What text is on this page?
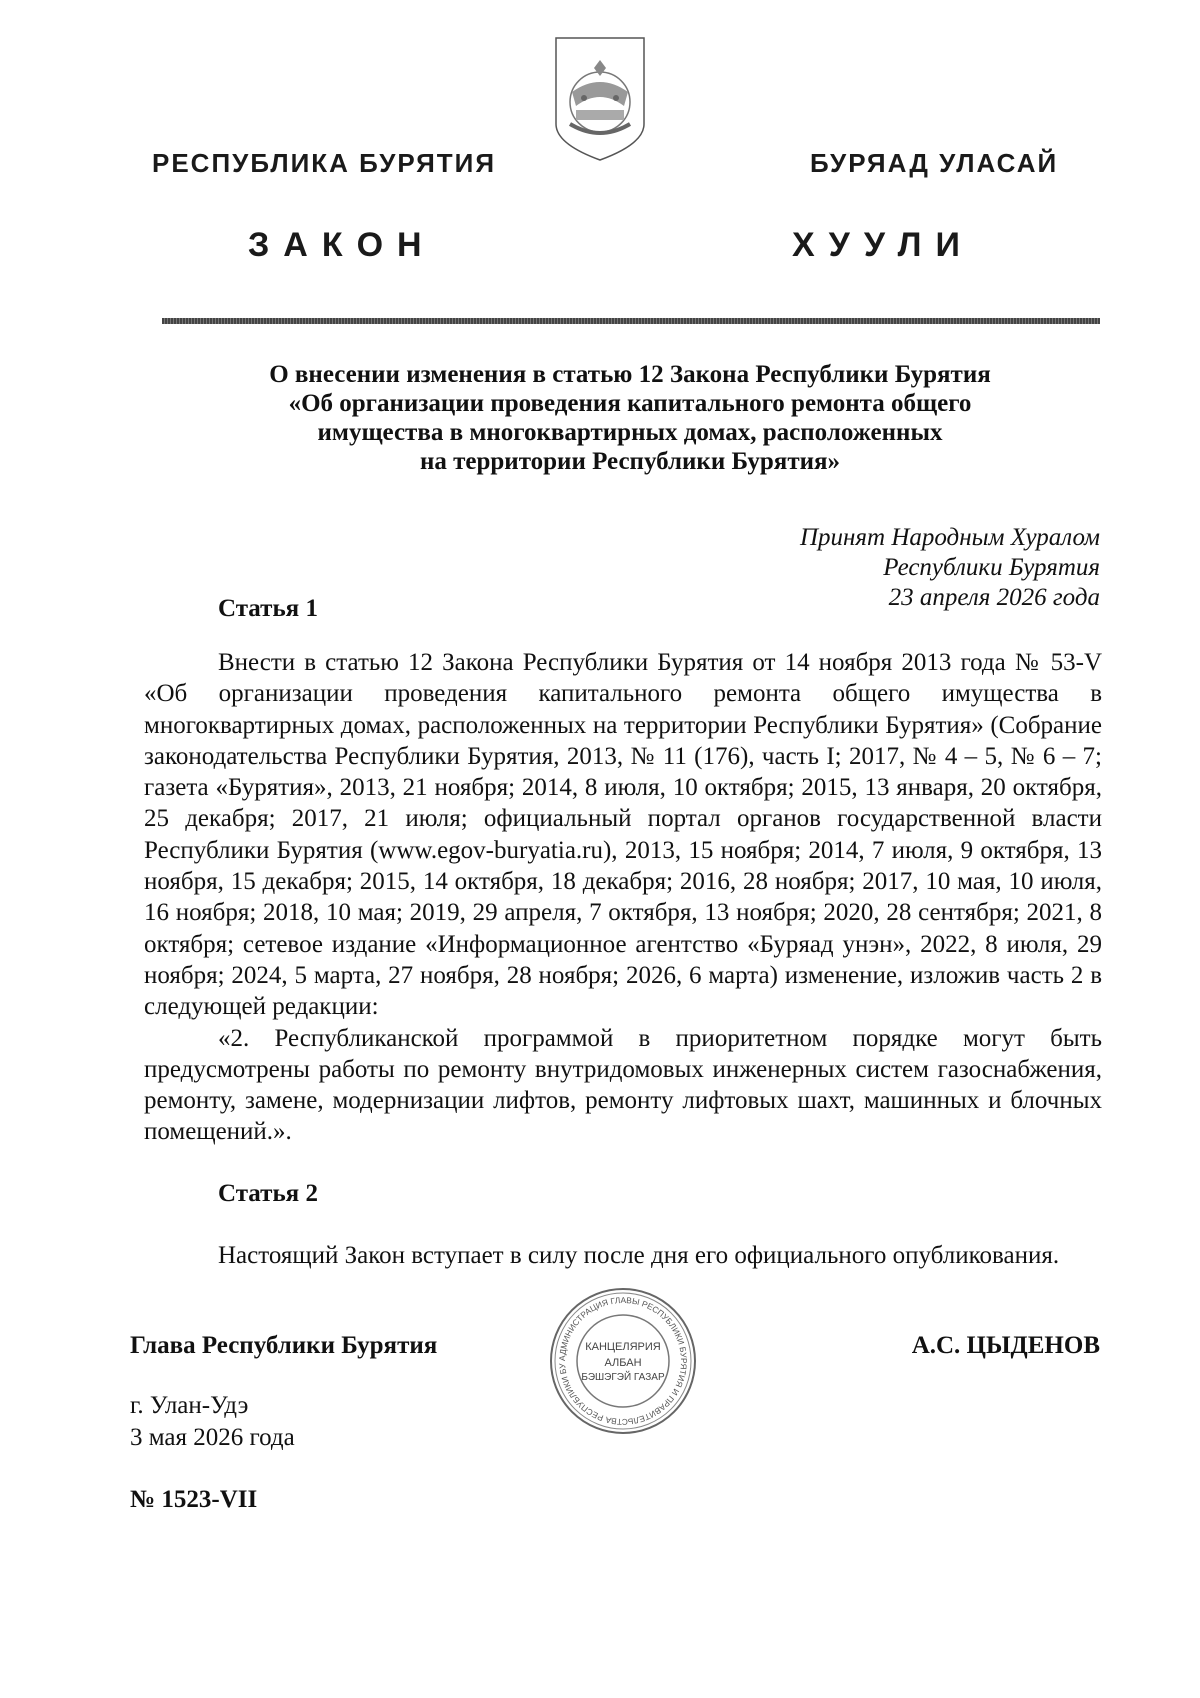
РЕСПУБЛИКА БУРЯТИЯ	БУРЯАД УЛАСАЙ
ЗАКОН	ХУУЛИ
О внесении изменения в статью 12 Закона Республики Бурятия
«Об организации проведения капитального ремонта общего
имущества в многоквартирных домах, расположенных
на территории Республики Бурятия»
Принят Народным Хуралом
Республики Бурятия
23 апреля 2026 года
Статья 1

Внести в статью 12 Закона Республики Бурятия от 14 ноября 2013 года № 53-V «Об организации проведения капитального ремонта общего имущества в многоквартирных домах, расположенных на территории Республики Бурятия» (Собрание законодательства Республики Бурятия, 2013, № 11 (176), часть I; 2017, № 4 – 5, № 6 – 7; газета «Бурятия», 2013, 21 ноября; 2014, 8 июля, 10 октября; 2015, 13 января, 20 октября, 25 декабря; 2017, 21 июля; официальный портал органов государственной власти Республики Бурятия (www.egov-buryatia.ru), 2013, 15 ноября; 2014, 7 июля, 9 октября, 13 ноября, 15 декабря; 2015, 14 октября, 18 декабря; 2016, 28 ноября; 2017, 10 мая, 10 июля, 16 ноября; 2018, 10 мая; 2019, 29 апреля, 7 октября, 13 ноября; 2020, 28 сентября; 2021, 8 октября; сетевое издание «Информационное агентство «Буряад унэн», 2022, 8 июля, 29 ноября; 2024, 5 марта, 27 ноября, 28 ноября; 2026, 6 марта) изменение, изложив часть 2 в следующей редакции:

«2. Республиканской программой в приоритетном порядке могут быть предусмотрены работы по ремонту внутридомовых инженерных систем газоснабжения, ремонту, замене, модернизации лифтов, ремонту лифтовых шахт, машинных и блочных помещений.».

Статья 2

Настоящий Закон вступает в силу после дня его официального опубликования.

Глава Республики Бурятия	А.С. ЦЫДЕНОВ
АДМИНИСТРАЦИЯ ГЛАВЫ РЕСПУБЛИКИ БУРЯТИЯ И ПРАВИТЕЛЬСТВА РЕСПУБЛИКИ БУ
КАНЦЕЛЯРИЯ
АЛБАН
БЭШЭГЭЙ ГАЗАР
г. Улан-Удэ
3 мая 2026 года
№ 1523-VII
